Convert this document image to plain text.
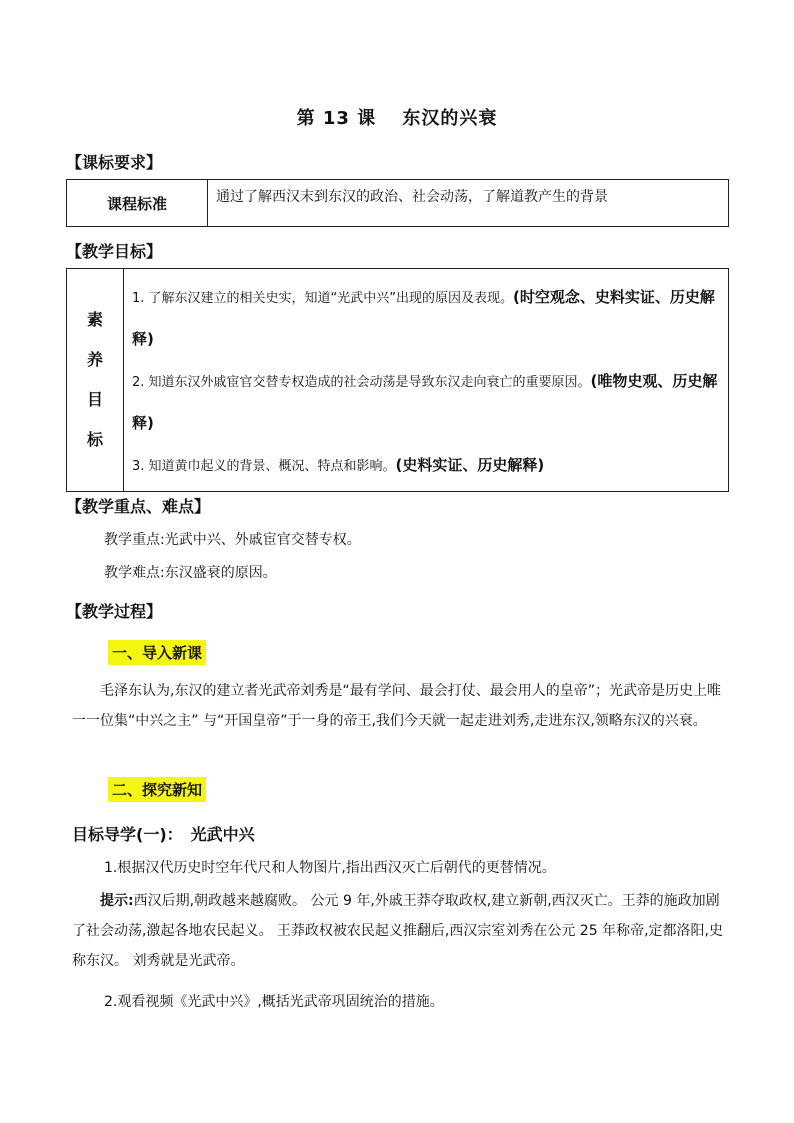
第 13 课　 东汉的兴衰
【课标要求】
课程标准	通过了解西汉末到东汉的政治、社会动荡，了解道教产生的背景
【教学目标】
素
养
目
标

1. 了解东汉建立的相关史实，知道“光武中兴”出现的原因及表现。(时空观念、史料实证、历史解释)

2. 知道东汉外戚宦官交替专权造成的社会动荡是导致东汉走向衰亡的重要原因。(唯物史观、历史解释)

3. 知道黄巾起义的背景、概况、特点和影响。(史料实证、历史解释)

【教学重点、难点】

教学重点:光武中兴、外戚宦官交替专权。

教学难点:东汉盛衰的原因。

【教学过程】
一、导入新课

毛泽东认为,东汉的建立者光武帝刘秀是“最有学问、最会打仗、最会用人的皇帝”；光武帝是历史上唯一一位集“中兴之主” 与“开国皇帝”于一身的帝王,我们今天就一起走进刘秀,走进东汉,领略东汉的兴衰。

二、探究新知
目标导学(一)：　光武中兴

1.根据汉代历史时空年代尺和人物图片,指出西汉灭亡后朝代的更替情况。

提示:西汉后期,朝政越来越腐败。 公元 9 年,外戚王莽夺取政权,建立新朝,西汉灭亡。王莽的施政加剧了社会动荡,激起各地农民起义。 王莽政权被农民起义推翻后,西汉宗室刘秀在公元 25 年称帝,定都洛阳,史称东汉。 刘秀就是光武帝。

2.观看视频《光武中兴》,概括光武帝巩固统治的措施。
